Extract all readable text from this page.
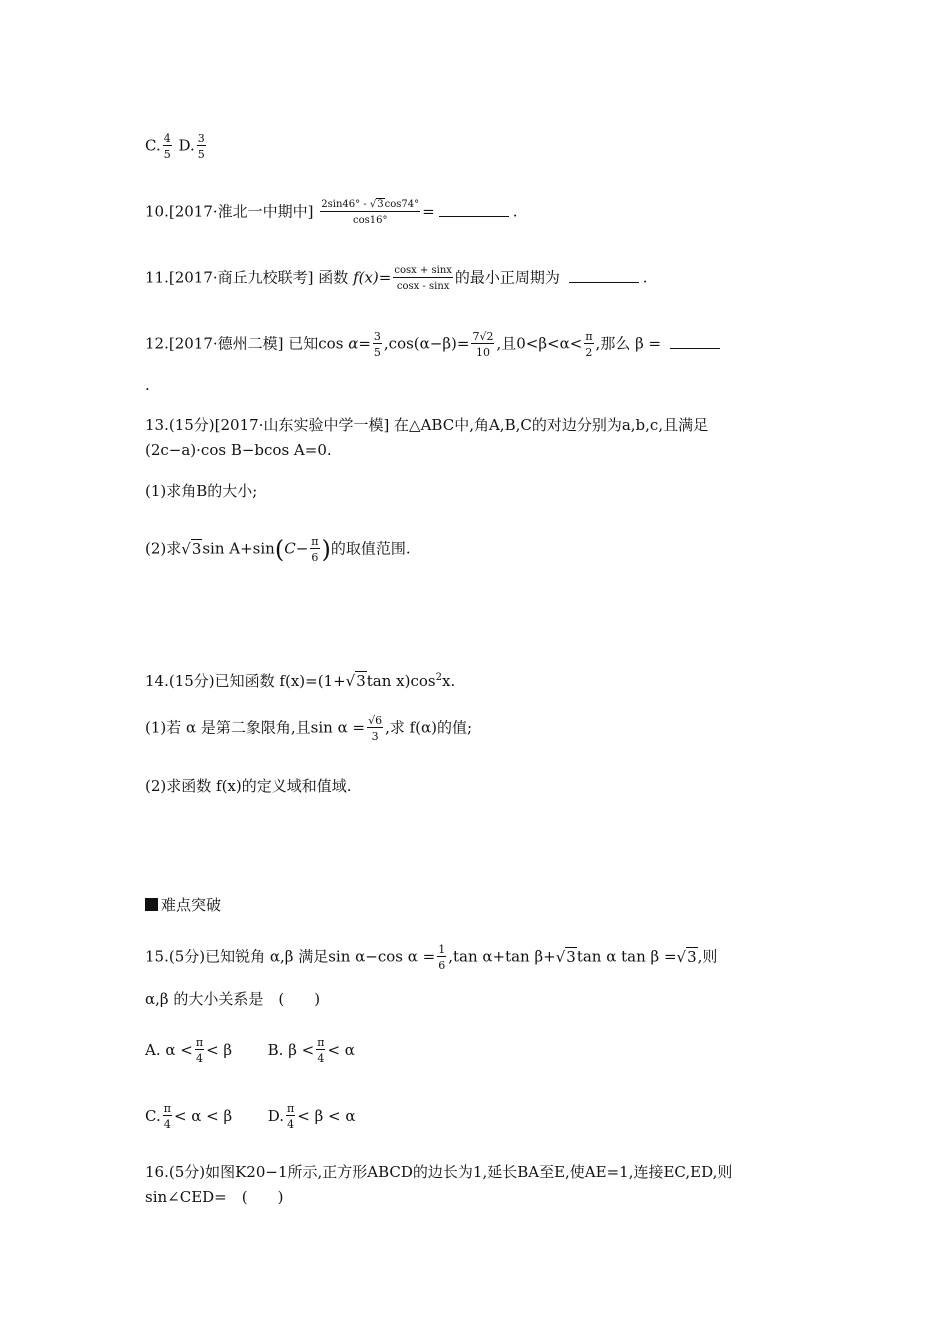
C. $\frac{4}{5} D$. $\frac{3}{5}$
10.[2017·淮北一中期中] $\frac{2\sin 46^\circ - √3\cos 74^\circ}{\cos 16^\circ}$ =	.
11.[2017·商丘九校联考] 函数 $f(x)= \frac{\cos x + \sin x}{\cos x - \sin x}$ 的最小正周期为	.
12.[2017·德州二模] 已知$\cos \alpha= \frac{3}{5} ,\cos(\alpha-\beta)= \frac{7√2}{10}$ ,且$0<\beta<\alpha< \frac{\pi}{2}$ ,那么 β =
.
13.(15分)[2017·山东实验中学一模] 在△ABC中,角A,B,C的对边分别为a,b,c,且满足
(2c−a)·cos B−bcos A=0.
(1)求角B的大小;
(2)求√3sin $A+\sin(C- \frac{\pi}{6}$ )的取值范围.
14.(15分)已知函数 f(x)=(1+√3tan $x)\cos^2x$.
(1)若 α 是第二象限角,且$\sin \alpha = \frac{√6}{3}$ ,求 f(α)的值;
(2)求函数 f(x)的定义域和值域.
难点突破
15.(5分)已知锐角 α,β 满足sin α−cos $\alpha = \frac{1}{6} ,\tan$ α+tan β+√3tan α tan β =√3,则
α,β 的大小关系是　(　　)
A. $\alpha < \frac{\pi}{4} < \beta$ B. $\beta < \frac{\pi}{4} < \alpha$
C. $\frac{\pi}{4} < \alpha < \beta$ D. $\frac{\pi}{4} < \beta < \alpha$
16.(5分)如图K20−1所示,正方形ABCD的边长为1,延长BA至E,使AE=1,连接EC,ED,则
sin∠CED=　(　　)
